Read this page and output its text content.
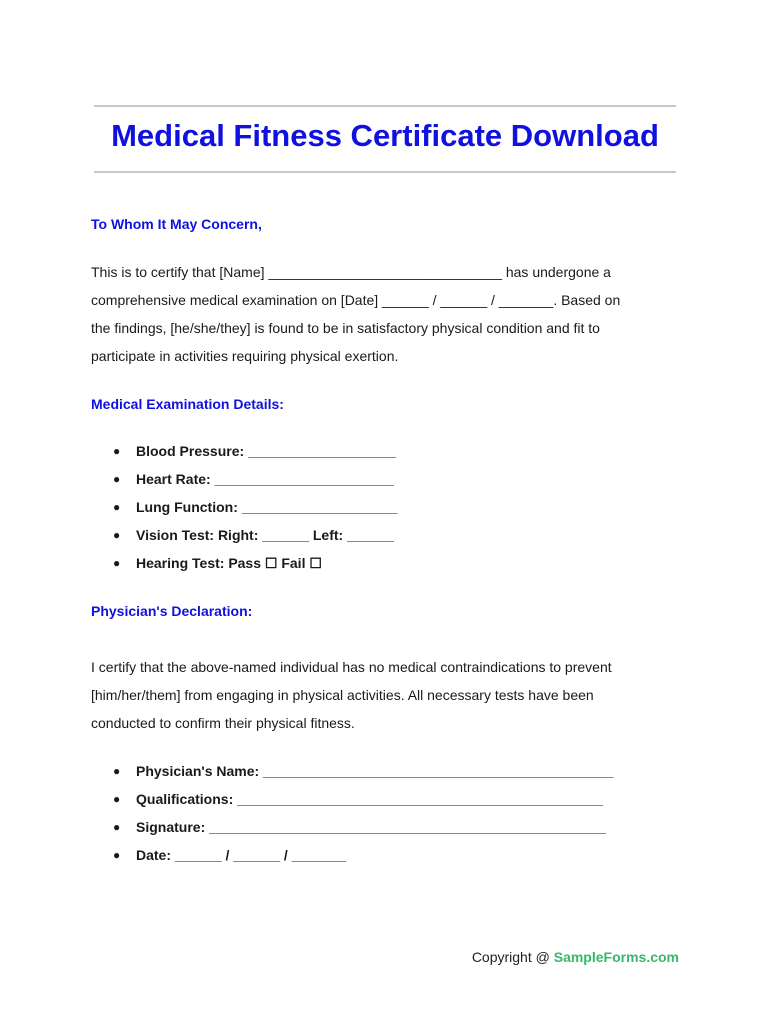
Medical Fitness Certificate Download

To Whom It May Concern,

This is to certify that [Name] ______________________________ has undergone a
comprehensive medical examination on [Date] ______ / ______ / _______. Based on
the findings, [he/she/they] is found to be in satisfactory physical condition and fit to
participate in activities requiring physical exertion.

Medical Examination Details:

● Blood Pressure: ___________________
● Heart Rate: _______________________
● Lung Function: ____________________
● Vision Test: Right: ______ Left: ______
● Hearing Test: Pass ☐ Fail ☐

Physician's Declaration:

I certify that the above-named individual has no medical contraindications to prevent
[him/her/them] from engaging in physical activities. All necessary tests have been
conducted to confirm their physical fitness.
● Physician's Name: _____________________________________________
● Qualifications: _______________________________________________
● Signature: ___________________________________________________
● Date: ______ / ______ / _______

Copyright @ SampleForms.com
